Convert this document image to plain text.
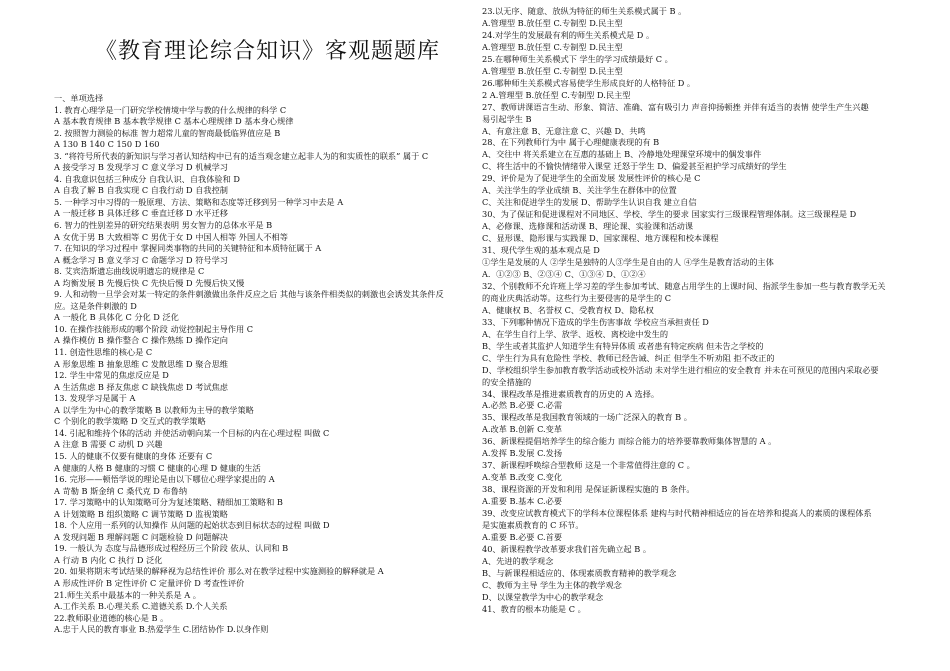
《教育理论综合知识》客观题题库
一、单项选择
1. 教育心理学是一门研究学校情境中学与教的什么规律的科学 C
A 基本教育规律 B 基本教学规律 C 基本心理规律 D 基本身心规律
2. 按照智力测验的标准 智力超常儿童的智商最低临界值应是 B
A 130 B 140 C 150 D 160
3. “将符号所代表的新知识与学习者认知结构中已有的适当观念建立起非人为的和实质性的联系” 属于 C
A 接受学习 B 发现学习 C 意义学习 D 机械学习
4. 自我意识包括三种成分 自我认识、自我体验和 D
A 自我了解 B 自我实现 C 自我行动 D 自我控制
5. 一种学习中习得的一般原理、方法、策略和态度等迁移到另一种学习中去是 A
A 一般迁移 B 具体迁移 C 垂直迁移 D 水平迁移
6. 智力的性别差异的研究结果表明 男女智力的总体水平是 B
A 女优于男 B 大致相等 C 男优于女 D 中国人相等 外国人不相等
7. 在知识的学习过程中 掌握同类事物的共同的关键特征和本质特征属于 A
A 概念学习 B 意义学习 C 命题学习 D 符号学习
8. 艾宾浩斯遗忘曲线说明遗忘的规律是 C
A 均衡发展 B 先慢后快 C 先快后慢 D 先慢后快又慢
9. 人和动物一旦学会对某一特定的条件刺激做出条件反应之后 其他与该条件相类似的刺激也会诱发其条件反
应。这是条件刺激的 D
A 一般化 B 具体化 C 分化 D 泛化
10. 在操作技能形成的哪个阶段 动觉控制起主导作用 C
A 操作模仿 B 操作整合 C 操作熟练 D 操作定向
11. 创造性思维的核心是 C
A 形象思维 B 抽象思维 C 发散思维 D 聚合思维
12. 学生中常见的焦虑反应是 D
A 生活焦虑 B 择友焦虑 C 缺钱焦虑 D 考试焦虑
13. 发现学习是属于 A
A 以学生为中心的教学策略 B 以教师为主导的教学策略
C 个别化的教学策略 D 交互式的教学策略
14. 引起和维持个体的活动 并使活动朝向某一个目标的内在心理过程 叫做 C
A 注意 B 需要 C 动机 D 兴趣
15. 人的健康不仅要有健康的身体 还要有 C
A 健康的人格 B 健康的习惯 C 健康的心理 D 健康的生活
16. 完形——顿悟学说的理论是由以下哪位心理学家提出的 A
A 苛勒 B 斯金纳 C 桑代克 D 布鲁纳
17. 学习策略中的认知策略可分为复述策略、精细加工策略和 B
A 计划策略 B 组织策略 C 调节策略 D 监视策略
18. 个人应用一系列的认知操作 从问题的起始状态到目标状态的过程 叫做 D
A 发现问题 B 理解问题 C 问题检验 D 问题解决
19. 一般认为 态度与品德形成过程经历三个阶段 依从、认同和 B
A 行动 B 内化 C 执行 D 泛化
20. 如果将期末考试结果的解释视为总结性评价 那么对在教学过程中实施测验的解释就是 A
A 形成性评价 B 定性评价 C 定量评价 D 考查性评价
21.师生关系中最基本的一种关系是 A 。
A.工作关系 B.心理关系 C.道德关系 D.个人关系
22.教师职业道德的核心是 B 。
A.忠于人民的教育事业 B.热爱学生 C.团结协作 D.以身作则
23.以无序、随意、放纵为特征的师生关系模式属于 B 。
A.管理型 B.放任型 C.专制型 D.民主型
24.对学生的发展最有利的师生关系模式是 D 。
A.管理型 B.放任型 C.专制型 D.民主型
25.在哪种师生关系模式下 学生的学习成绩最好 C 。
A.管理型 B.放任型 C.专制型 D.民主型
26.哪种师生关系模式容易使学生形成良好的人格特征 D 。
2 A.管理型 B.放任型 C.专制型 D.民主型
27、教师讲课语言生动、形象、简洁、准确、富有吸引力 声音抑扬顿挫 并伴有适当的表情 使学生产生兴趣
易引起学生 B
A、有意注意 B、无意注意 C、兴趣 D、共鸣
28、在下列教师行为中 属于心理健康表现的有 B
A、交往中 将关系建立在互惠的基础上 B、冷静地处理课堂环境中的偶发事件
C、将生活中的不愉快情绪带入课堂 迁怒于学生 D、偏爱甚至袒护学习成绩好的学生
29、评价是为了促进学生的全面发展 发展性评价的核心是 C
A、关注学生的学业成绩 B、关注学生在群体中的位置
C、关注和促进学生的发展 D、帮助学生认识自我 建立自信
30、为了保证和促进课程对不同地区、学校、学生的要求 国家实行三级课程管理体制。这三级课程是 D
A、必修课、选修课和活动课 B、理论课、实验课和活动课
C、显形课、隐形课与实践课 D、国家课程、地方课程和校本课程
31、现代学生观的基本观点是 D
①学生是发展的人 ②学生是独特的人③学生是自由的人 ④学生是教育活动的主体
A．①②③ B、②③④ C、①③④ D、①②④
32、个别教师不允许班上学习差的学生参加考试、随意占用学生的上课时间、指派学生参加一些与教育教学无关
的商业庆典活动等。这些行为主要侵害的是学生的 C
A、健康权 B、名誉权 C、受教育权 D、隐私权
33、下列哪种情况下造成的学生伤害事故 学校应当承担责任 D
A、在学生自行上学、放学、返校、离校途中发生的
B、学生或者其监护人知道学生有特异体质 或者患有特定疾病 但未告之学校的
C、学生行为具有危险性 学校、教师已经告诫、纠正 但学生不听劝阻 拒不改正的
D、学校组织学生参加教育教学活动或校外活动 未对学生进行相应的安全教育 并未在可预见的范围内采取必要
的安全措施的
34、课程改革是推进素质教育的历史的 A 选择。
A.必然 B.必要 C.必需
35、课程改革是我国教育领域的一场广泛深入的教育 B 。
A.改革 B.创新 C.变革
36、新课程提倡培养学生的综合能力 而综合能力的培养要靠教师集体智慧的 A 。
A.发挥 B.发展 C.发扬
37、新课程呼唤综合型教师 这是一个非常值得注意的 C 。
A.变革 B.改变 C.变化
38、课程资源的开发和利用 是保证新课程实施的 B 条件。
A.重要 B.基本 C.必要
39、改变应试教育模式下的学科本位课程体系 建构与时代精神相适应的旨在培养和提高人的素质的课程体系
是实施素质教育的 C 环节。
A.重要 B.必要 C.首要
40、新课程教学改革要求我们首先确立起 B 。
A、先进的教学观念
B、与新课程相适应的、体现素质教育精神的教学观念
C、教师为主导 学生为主体的教学观念
D、以课堂教学为中心的教学观念
41、教育的根本功能是 C 。
